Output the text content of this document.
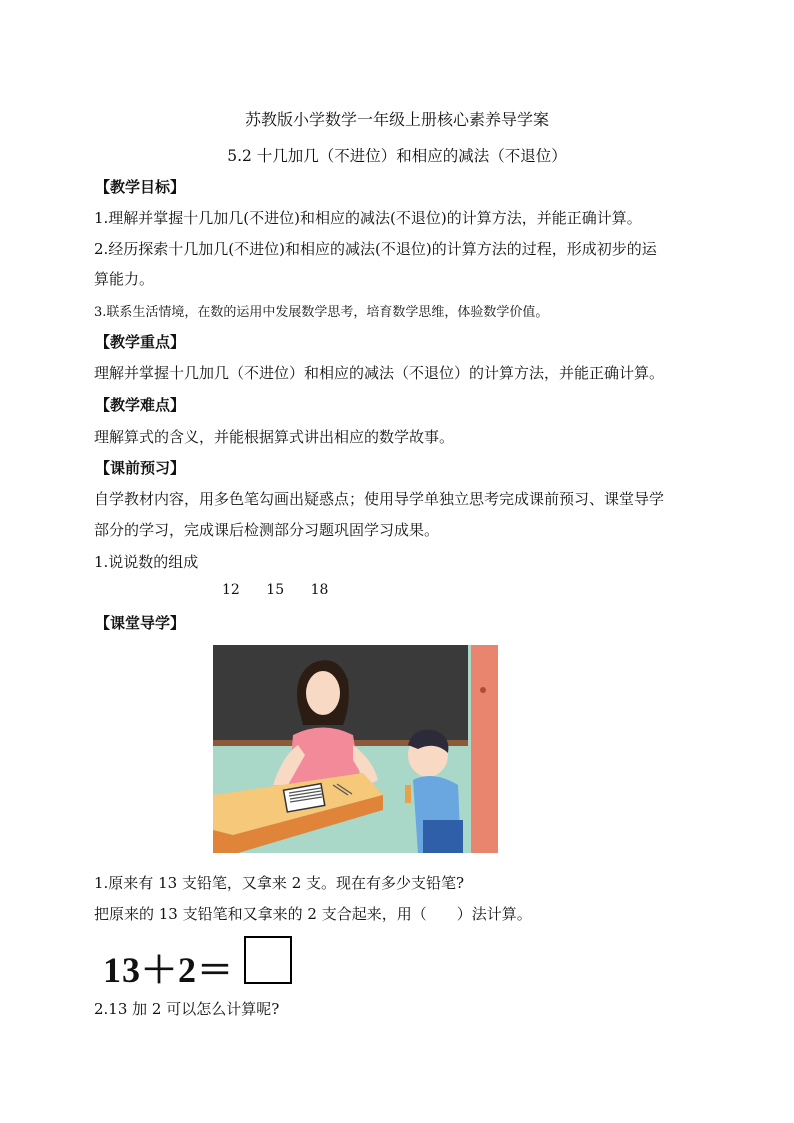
苏教版小学数学一年级上册核心素养导学案
5.2 十几加几（不进位）和相应的减法（不退位）
【教学目标】
1.理解并掌握十几加几(不进位)和相应的减法(不退位)的计算方法，并能正确计算。
2.经历探索十几加几(不进位)和相应的减法(不退位)的计算方法的过程，形成初步的运
算能力。
3.联系生活情境，在数的运用中发展数学思考，培育数学思维，体验数学价值。
【教学重点】
理解并掌握十几加几（不进位）和相应的减法（不退位）的计算方法，并能正确计算。
【教学难点】
理解算式的含义，并能根据算式讲出相应的数学故事。
【课前预习】
自学教材内容，用多色笔勾画出疑惑点；使用导学单独立思考完成课前预习、课堂导学
部分的学习，完成课后检测部分习题巩固学习成果。
1.说说数的组成
12 15 18
【课堂导学】
1.原来有 13 支铅笔，又拿来 2 支。现在有多少支铅笔?
把原来的 13 支铅笔和又拿来的 2 支合起来，用（　　）法计算。
13＋2＝
2.13 加 2 可以怎么计算呢?
